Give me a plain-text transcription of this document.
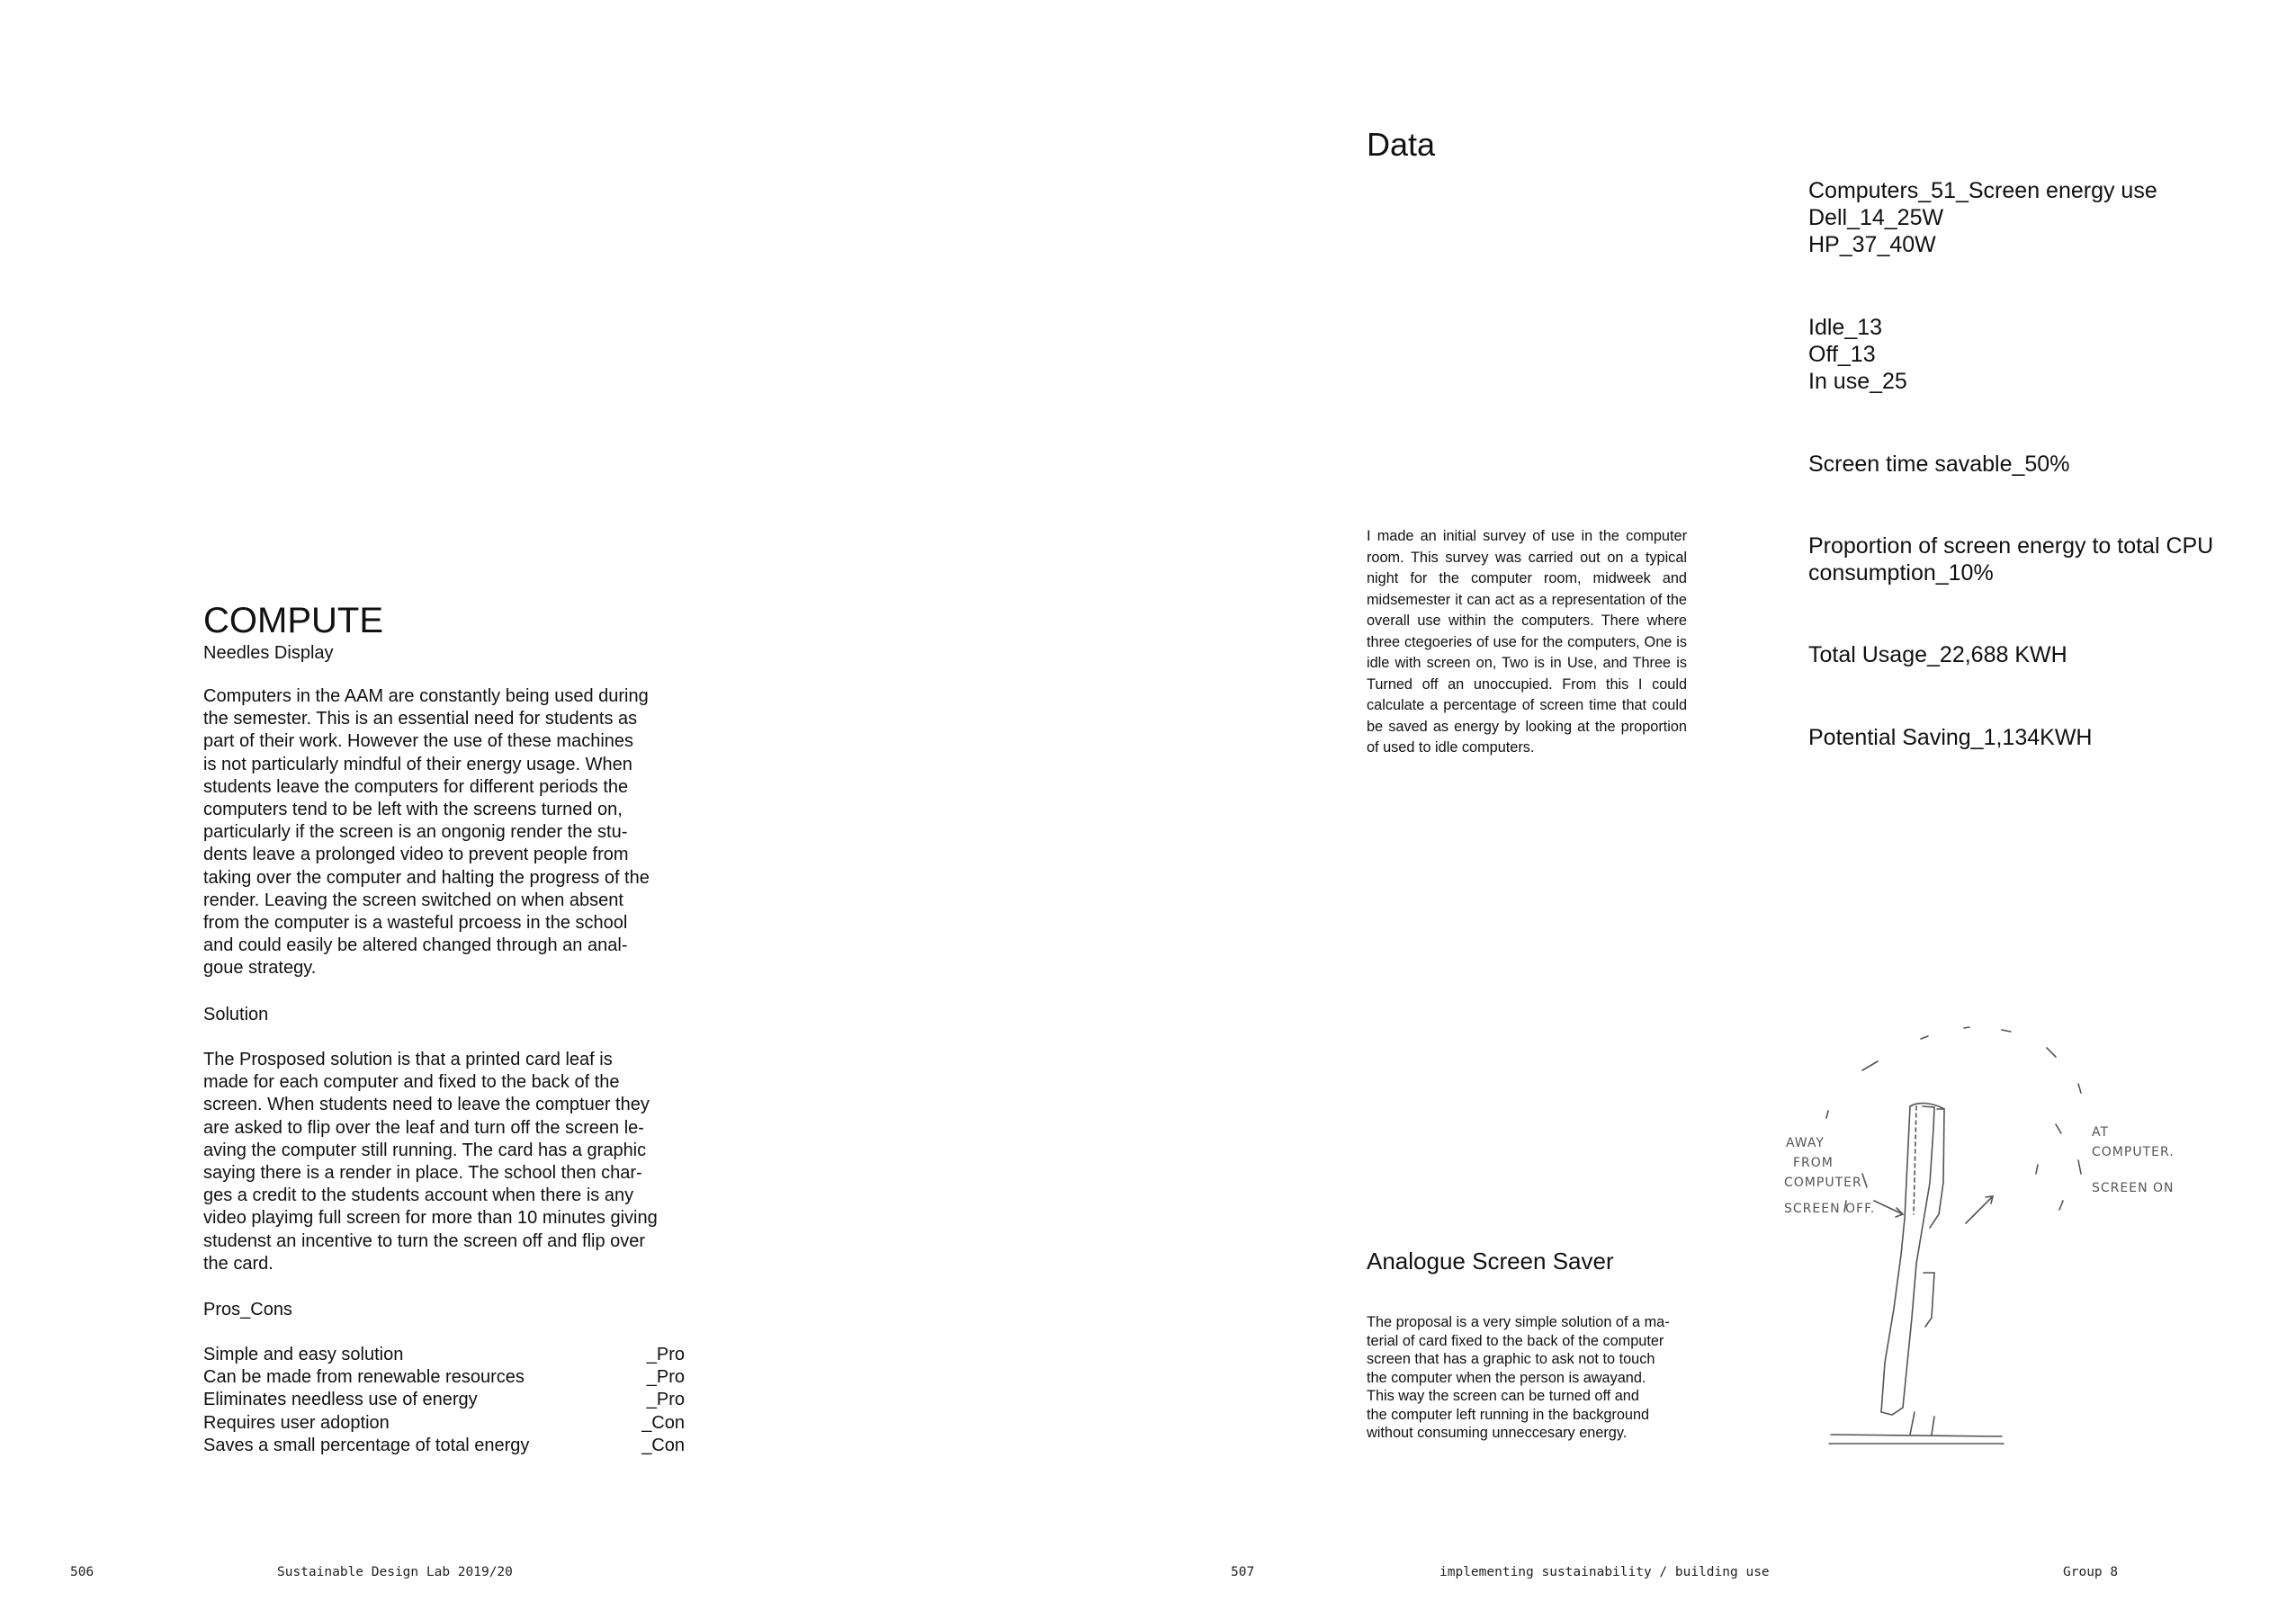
COMPUTE
Needles Display

Computers in the AAM are constantly being used during
the semester. This is an essential need for students as
part of their work. However the use of these machines
is not particularly mindful of their energy usage. When
students leave the computers for different periods the
computers tend to be left with the screens turned on,
particularly if the screen is an ongonig render the stu-
dents leave a prolonged video to prevent people from
taking over the computer and halting the progress of the
render. Leaving the screen switched on when absent
from the computer is a wasteful prcoess in the school
and could easily be altered changed through an anal-
goue strategy.

Solution

The Prosposed solution is that a printed card leaf is
made for each computer and fixed to the back of the
screen. When students need to leave the comptuer they
are asked to flip over the leaf and turn off the screen le-
aving the computer still running. The card has a graphic
saying there is a render in place. The school then char-
ges a credit to the students account when there is any
video playimg full screen for more than 10 minutes giving
studenst an incentive to turn the screen off and flip over
the card.

Pros_Cons
Simple and easy solution	_Pro
Can be made from renewable resources	_Pro
Eliminates needless use of energy	_Pro
Requires user adoption	_Con
Saves a small percentage of total energy	_Con
Data
Computers_51_Screen energy use
Dell_14_25W
HP_37_40W
Idle_13
Off_13
In use_25
Screen time savable_50%
Proportion of screen energy to total CPU consumption_10%
Total Usage_22,688 KWH
Potential Saving_1,134KWH
I made an initial survey of use in the computer room. This survey was carried out on a typical night for the computer room, midweek and midsemester it can act as a representation of the overall use within the computers. There where three ctegoeries of use for the computers, One is idle with screen on, Two is in Use, and Three is Turned off an unoccupied. From this I could calculate a percentage of screen time that could be saved as energy by looking at the proportion of used to idle computers.
Analogue Screen Saver

The proposal is a very simple solution of a ma-
terial of card fixed to the back of the computer
screen that has a graphic to ask not to touch
the computer when the person is awayand.
This way the screen can be turned off and
the computer left running in the background
without consuming unneccesary energy.

AWAY
FROM
COMPUTER
SCREEN OFF.
AT
COMPUTER.
SCREEN ON
506	Sustainable Design Lab 2019/20	507	implementing sustainability / building use	Group 8
